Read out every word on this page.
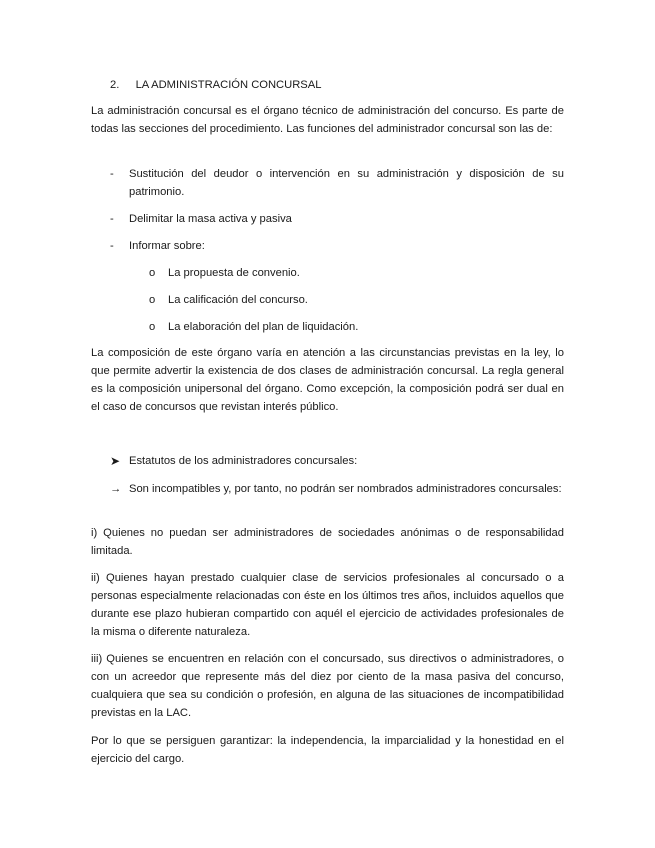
2. LA ADMINISTRACIÓN CONCURSAL

La administración concursal es el órgano técnico de administración del concurso. Es parte de todas las secciones del procedimiento. Las funciones del administrador concursal son las de:

- Sustitución del deudor o intervención en su administración y disposición de su patrimonio.
- Delimitar la masa activa y pasiva
- Informar sobre:
o La propuesta de convenio.
o La calificación del concurso.
o La elaboración del plan de liquidación.

La composición de este órgano varía en atención a las circunstancias previstas en la ley, lo que permite advertir la existencia de dos clases de administración concursal. La regla general es la composición unipersonal del órgano. Como excepción, la composición podrá ser dual en el caso de concursos que revistan interés público.

➤ Estatutos de los administradores concursales:
→ Son incompatibles y, por tanto, no podrán ser nombrados administradores concursales:

i) Quienes no puedan ser administradores de sociedades anónimas o de responsabilidad limitada.

ii) Quienes hayan prestado cualquier clase de servicios profesionales al concursado o a personas especialmente relacionadas con éste en los últimos tres años, incluidos aquellos que durante ese plazo hubieran compartido con aquél el ejercicio de actividades profesionales de la misma o diferente naturaleza.

iii) Quienes se encuentren en relación con el concursado, sus directivos o administradores, o con un acreedor que represente más del diez por ciento de la masa pasiva del concurso, cualquiera que sea su condición o profesión, en alguna de las situaciones de incompatibilidad previstas en la LAC.

Por lo que se persiguen garantizar: la independencia, la imparcialidad y la honestidad en el ejercicio del cargo.
